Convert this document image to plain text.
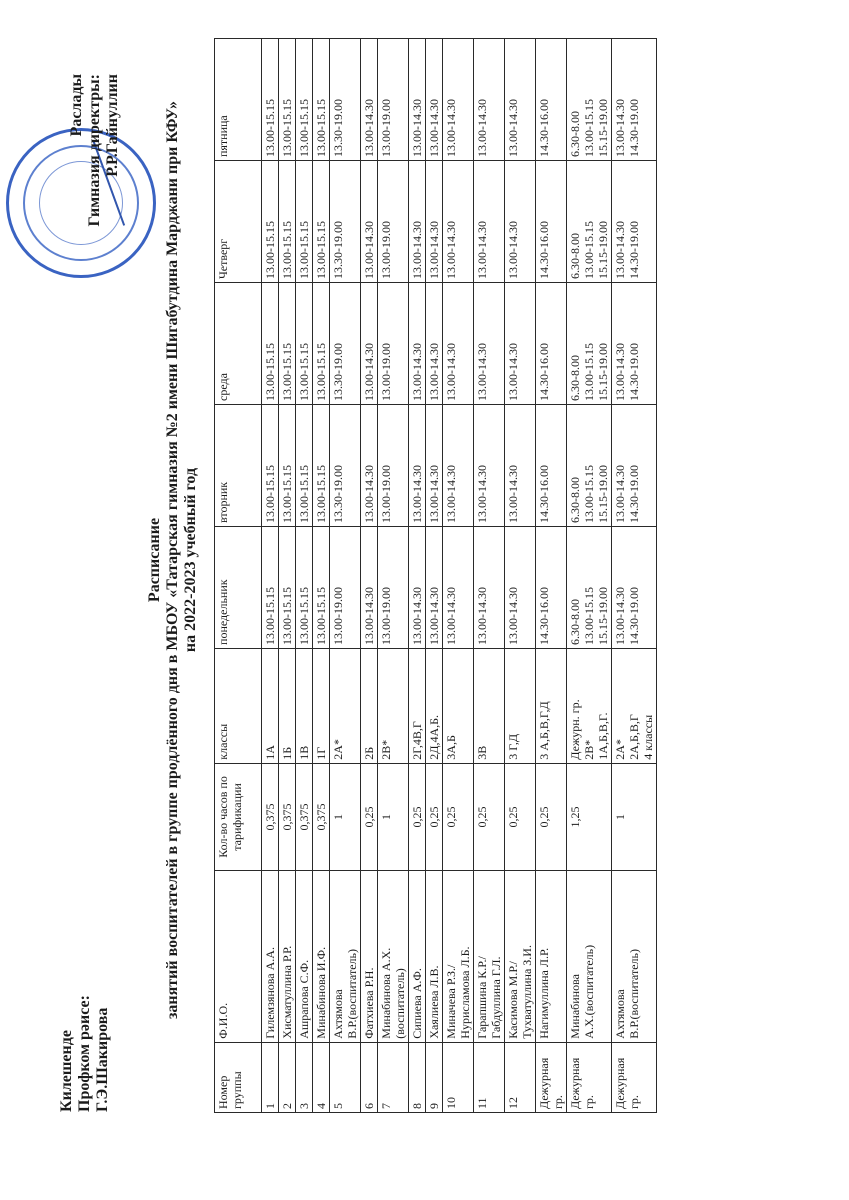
Килешенде Профком рәисе: Г.Э.Шакирова
Раслады Гимназия директры: Р.Р.Гайнуллин
Расписание занятий воспитателей в группе продлённого дня в МБОУ «Татарская гимназия №2 имени Шигабутдина Марджани при КФУ» на 2022-2023 учебный год
Номер группы	Ф.И.О.	Кол-во часов по тарификации	классы	понедельник	вторник	среда	Четверг	пятница
1	Гилемзянова А.А.	0,375	1А	13.00-15.15	13.00-15.15	13.00-15.15	13.00-15.15	13.00-15.15
2	Хисматуллина Р.Р.	0,375	1Б	13.00-15.15	13.00-15.15	13.00-15.15	13.00-15.15	13.00-15.15
3	Ашрапова С.Ф.	0,375	1В	13.00-15.15	13.00-15.15	13.00-15.15	13.00-15.15	13.00-15.15
4	Минабинова И.Ф.	0,375	1Г	13.00-15.15	13.00-15.15	13.00-15.15	13.00-15.15	13.00-15.15
5	Ахтямова
В.Р.(воспитатель)	1	2А*	13.00-19.00	13.30-19.00	13.30-19.00	13.30-19.00	13.30-19.00
6	Фатхиева Р.Н.	0,25	2Б	13.00-14.30	13.00-14.30	13.00-14.30	13.00-14.30	13.00-14.30
7	Минабинова А.Х.
(воспитатель)	1	2В*	13.00-19.00	13.00-19.00	13.00-19.00	13.00-19.00	13.00-19.00
8	Сипиева А.Ф.	0,25	2Г,4В,Г	13.00-14.30	13.00-14.30	13.00-14.30	13.00-14.30	13.00-14.30
9	Хаялиева Л.В.	0,25	2Д,4А,Б.	13.00-14.30	13.00-14.30	13.00-14.30	13.00-14.30	13.00-14.30
10	Миначева Р.З./
Нурисламова Л.Б.	0,25	3А,Б	13.00-14.30	13.00-14.30	13.00-14.30	13.00-14.30	13.00-14.30
11	Гарапшина К.Р./
Габдуллина Г.Л.	0,25	3В	13.00-14.30	13.00-14.30	13.00-14.30	13.00-14.30	13.00-14.30
12	Касимова М.Р./
Тухватуллина З.И.	0,25	3 Г,Д	13.00-14.30	13.00-14.30	13.00-14.30	13.00-14.30	13.00-14.30
Дежурная
гр.	Нагимуллина Л.Р.	0,25	3 А,Б,В,Г,Д	14.30-16.00	14.30-16.00	14.30-16.00	14.30-16.00	14.30-16.00
Дежурная
гр.	Минабинова
А.Х.(воспитатель)	1,25	Дежурн. гр.
2В*
1А,Б,В,Г.	6.30-8.00
13.00-15.15
15.15-19.00	6.30-8.00
13.00-15.15
15.15-19.00	6.30-8.00
13.00-15.15
15.15-19.00	6.30-8.00
13.00-15.15
15.15-19.00	6.30-8.00
13.00-15.15
15.15-19.00
Дежурная
гр.	Ахтямова
В.Р.(воспитатель)	1	2А*
2А,Б,В,Г
4 классы	13.00-14.30
14.30-19.00	13.00-14.30
14.30-19.00	13.00-14.30
14.30-19.00	13.00-14.30
14.30-19.00	13.00-14.30
14.30-19.00
